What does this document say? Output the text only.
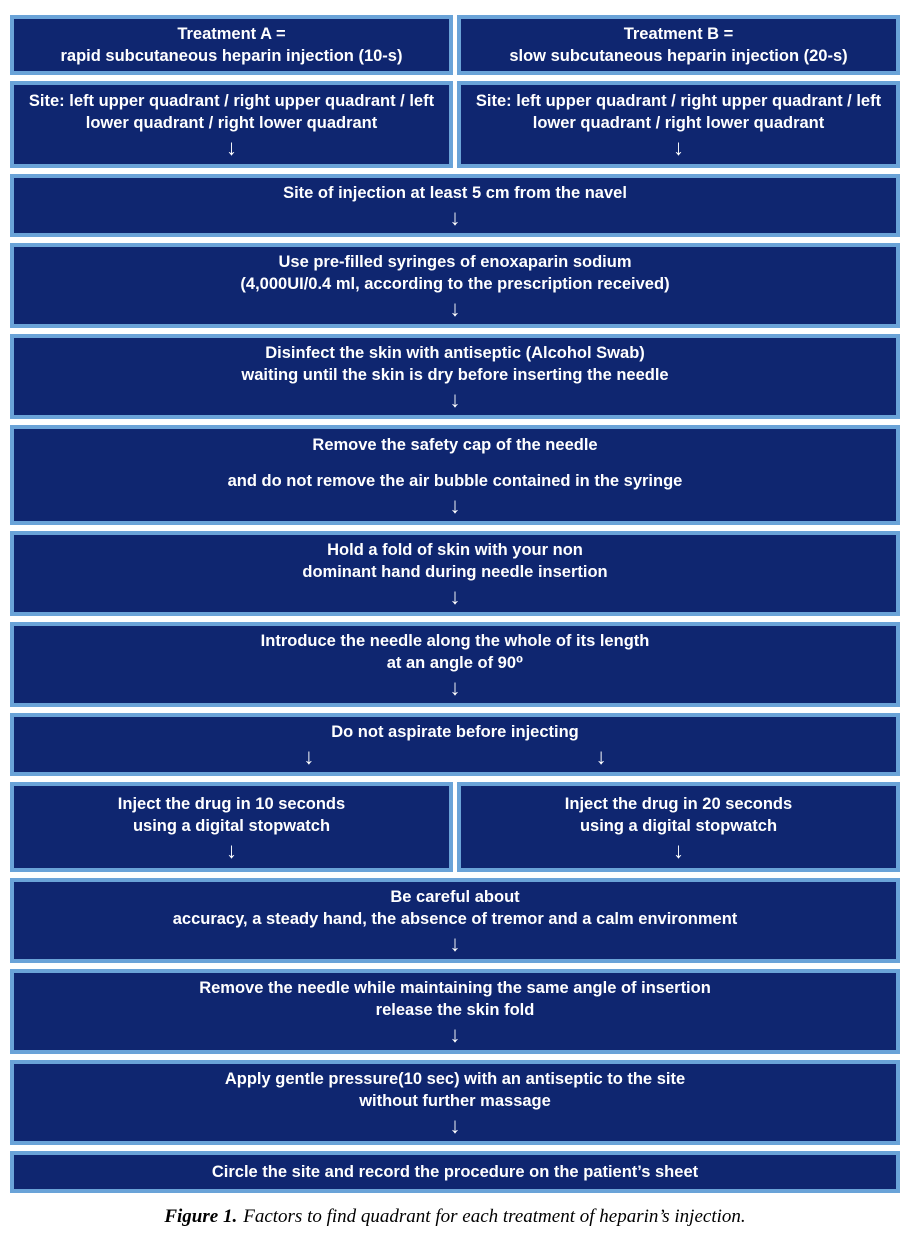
Treatment A =
rapid subcutaneous heparin injection (10-s)
Treatment B =
slow subcutaneous heparin injection (20-s)
Site: left upper quadrant / right upper quadrant / left
lower quadrant / right lower quadrant
↓
Site: left upper quadrant / right upper quadrant / left
lower quadrant / right lower quadrant
↓
Site of injection at least 5 cm from the navel
↓
Use pre-filled syringes of enoxaparin sodium
(4,000UI/0.4 ml, according to the prescription received)
↓
Disinfect the skin with antiseptic (Alcohol Swab)
waiting until the skin is dry before inserting the needle
↓
Remove the safety cap of the needle
and do not remove the air bubble contained in the syringe
↓
Hold a fold of skin with your non
dominant hand during needle insertion
↓
Introduce the needle along the whole of its length
at an angle of 90⁰
↓
Do not aspirate before injecting
↓	↓
Inject the drug in 10 seconds
using a digital stopwatch
↓
Inject the drug in 20 seconds
using a digital stopwatch
↓
Be careful about
accuracy, a steady hand, the absence of tremor and a calm environment
↓
Remove the needle while maintaining the same angle of insertion
release the skin fold
↓
Apply gentle pressure(10 sec) with an antiseptic to the site
without further massage
↓
Circle the site and record the procedure on the patient’s sheet
Figure 1. Factors to find quadrant for each treatment of heparin’s injection.
